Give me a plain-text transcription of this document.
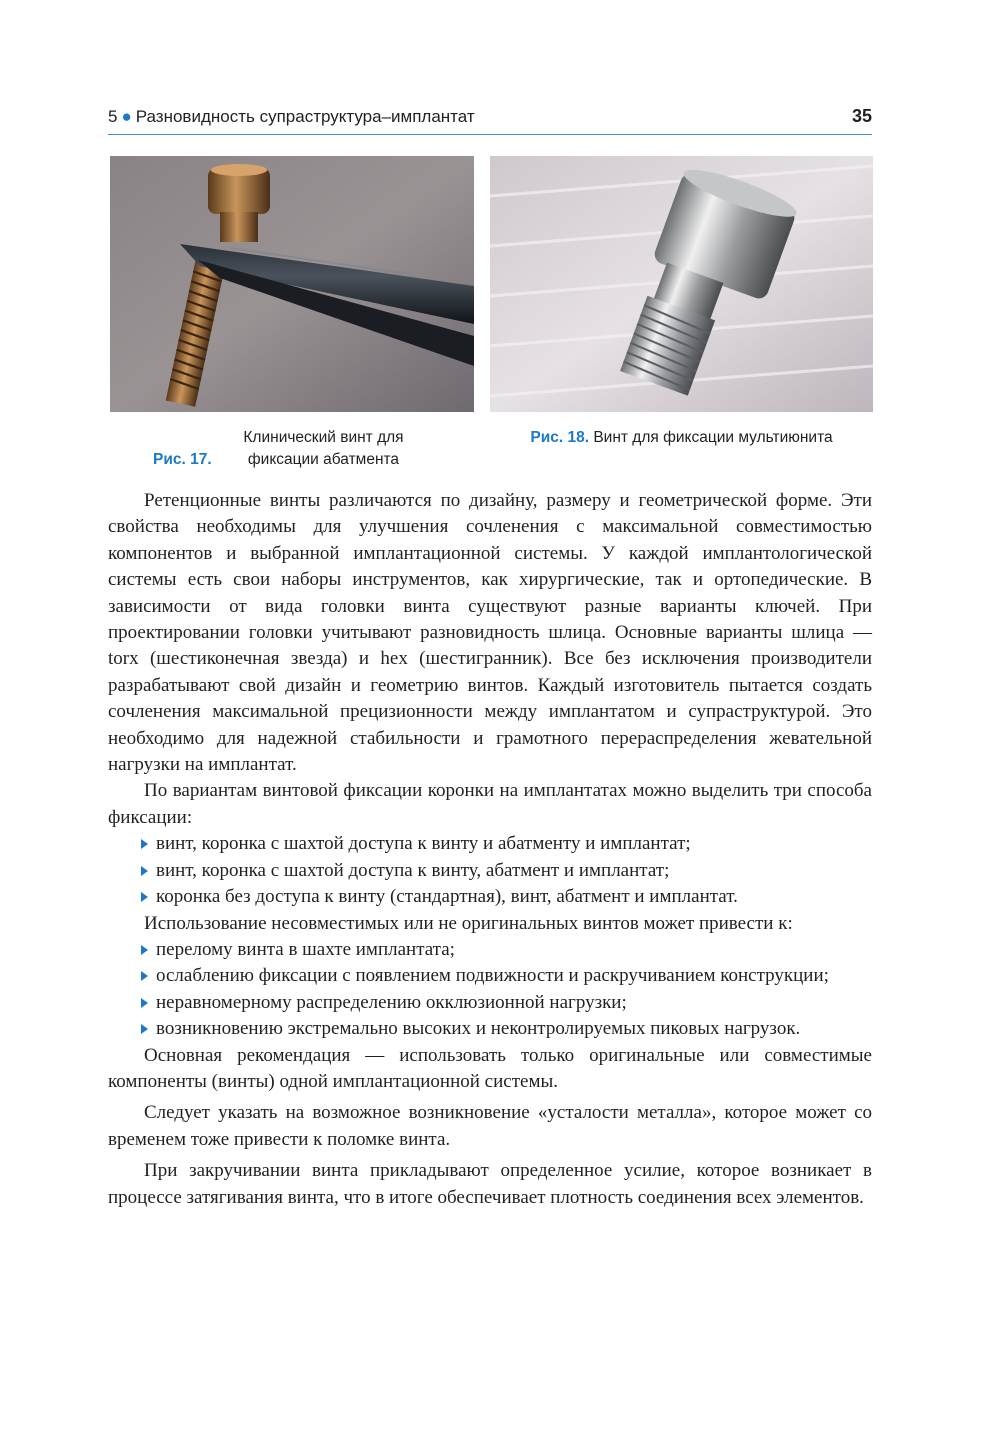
5 ● Разновидность супраструктура–имплантат	35
Рис. 17. Клинический винт для фиксации абатмента
Рис. 18. Винт для фиксации мультиюнита

Ретенционные винты различаются по дизайну, размеру и геометрической форме. Эти свойства необходимы для улучшения сочленения с максимальной совместимостью компонентов и выбранной имплантационной системы. У каждой имплантологической системы есть свои наборы инструментов, как хирургические, так и ортопедические. В зависимости от вида головки винта существуют разные варианты ключей. При проектировании головки учитывают разновидность шлица. Основные варианты шлица — torx (шестиконечная звезда) и hex (шестигранник). Все без исключения производители разрабатывают свой дизайн и геометрию винтов. Каждый изготовитель пытается создать сочленения максимальной прецизионности между имплантатом и супраструктурой. Это необходимо для надежной стабильности и грамотного перераспределения жевательной нагрузки на имплантат.

По вариантам винтовой фиксации коронки на имплантатах можно выделить три способа фиксации:

винт, коронка с шахтой доступа к винту и абатменту и имплантат;
винт, коронка с шахтой доступа к винту, абатмент и имплантат;
коронка без доступа к винту (стандартная), винт, абатмент и имплантат.

Использование несовместимых или не оригинальных винтов может привести к:

перелому винта в шахте имплантата;
ослаблению фиксации с появлением подвижности и раскручиванием конструкции;
неравномерному распределению окклюзионной нагрузки;
возникновению экстремально высоких и неконтролируемых пиковых нагрузок.

Основная рекомендация — использовать только оригинальные или совместимые компоненты (винты) одной имплантационной системы.

Следует указать на возможное возникновение «усталости металла», которое может со временем тоже привести к поломке винта.

При закручивании винта прикладывают определенное усилие, которое возникает в процессе затягивания винта, что в итоге обеспечивает плотность соединения всех элементов.
